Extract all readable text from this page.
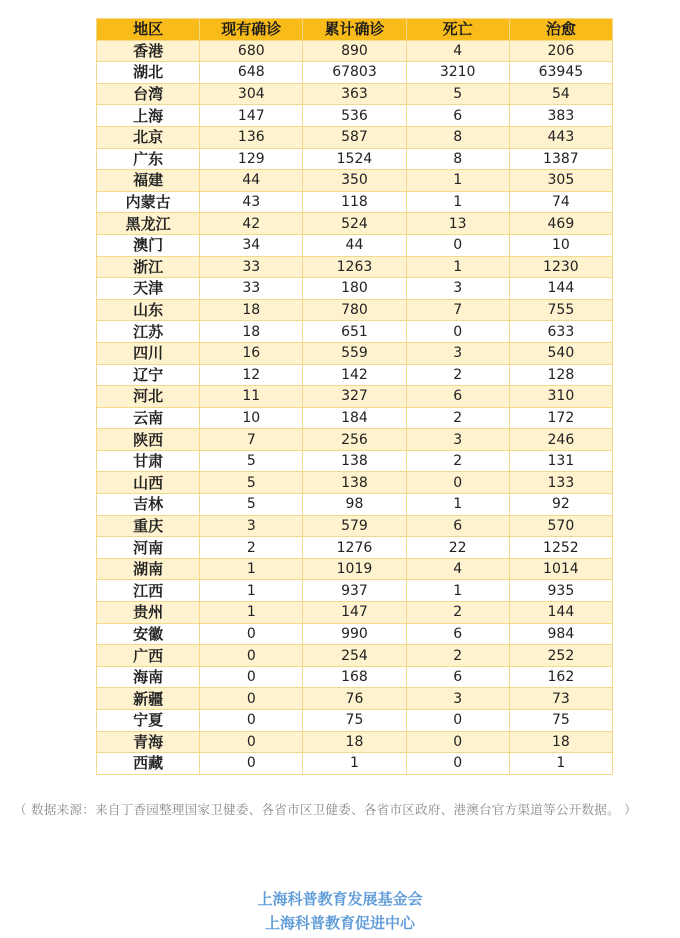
地区	现有确诊	累计确诊	死亡	治愈
香港	680	890	4	206
湖北	648	67803	3210	63945
台湾	304	363	5	54
上海	147	536	6	383
北京	136	587	8	443
广东	129	1524	8	1387
福建	44	350	1	305
内蒙古	43	118	1	74
黑龙江	42	524	13	469
澳门	34	44	0	10
浙江	33	1263	1	1230
天津	33	180	3	144
山东	18	780	7	755
江苏	18	651	0	633
四川	16	559	3	540
辽宁	12	142	2	128
河北	11	327	6	310
云南	10	184	2	172
陕西	7	256	3	246
甘肃	5	138	2	131
山西	5	138	0	133
吉林	5	98	1	92
重庆	3	579	6	570
河南	2	1276	22	1252
湖南	1	1019	4	1014
江西	1	937	1	935
贵州	1	147	2	144
安徽	0	990	6	984
广西	0	254	2	252
海南	0	168	6	162
新疆	0	76	3	73
宁夏	0	75	0	75
青海	0	18	0	18
西藏	0	1	0	1
（ 数据来源：来自丁香园整理国家卫健委、各省市区卫健委、各省市区政府、港澳台官方渠道等公开数据。 ）
上海科普教育发展基金会
上海科普教育促进中心
